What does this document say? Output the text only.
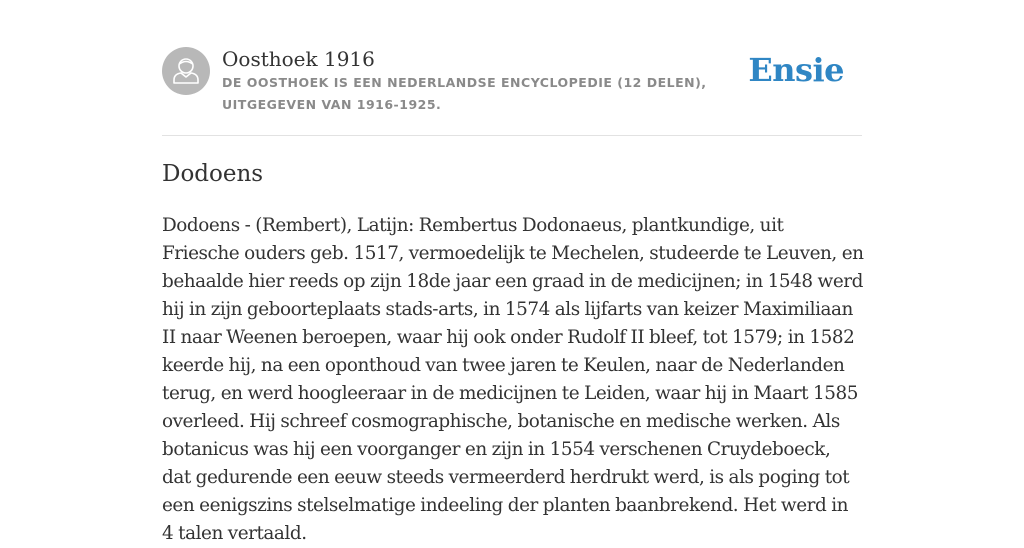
Oosthoek 1916
DE OOSTHOEK IS EEN NEDERLANDSE ENCYCLOPEDIE (12 DELEN), UITGEGEVEN VAN 1916-1925.
Ensie
Dodoens

Dodoens - (Rembert), Latijn: Rembertus Dodonaeus, plantkundige, uit Friesche ouders geb. 1517, vermoedelijk te Mechelen, studeerde te Leuven, en behaalde hier reeds op zijn 18de jaar een graad in de medicijnen; in 1548 werd hij in zijn geboorteplaats stads-arts, in 1574 als lijfarts van keizer Maximiliaan II naar Weenen beroepen, waar hij ook onder Rudolf II bleef, tot 1579; in 1582 keerde hij, na een oponthoud van twee jaren te Keulen, naar de Nederlanden terug, en werd hoogleeraar in de medicijnen te Leiden, waar hij in Maart 1585 overleed. Hij schreef cosmographische, botanische en medische werken. Als botanicus was hij een voorganger en zijn in 1554 verschenen Cruydeboeck, dat gedurende een eeuw steeds vermeerderd herdrukt werd, is als poging tot een eenigszins stelselmatige indeeling der planten baanbrekend. Het werd in 4 talen vertaald.
